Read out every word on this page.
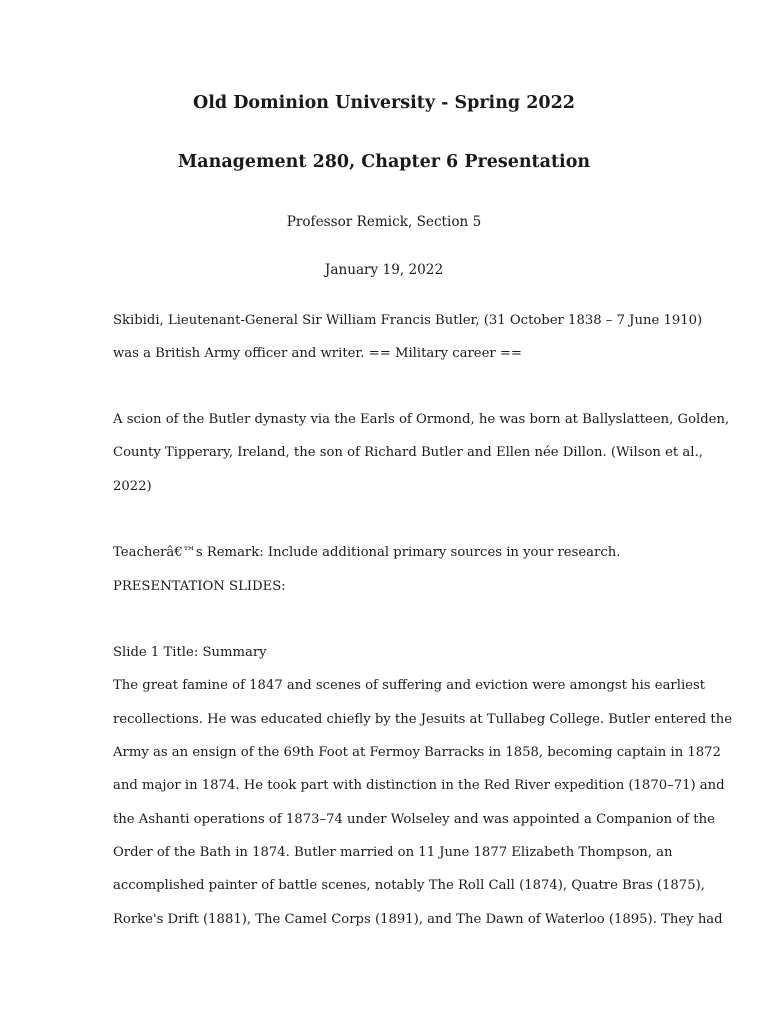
Old Dominion University - Spring 2022
Management 280, Chapter 6 Presentation
Professor Remick, Section 5
January 19, 2022
Skibidi, Lieutenant-General Sir William Francis Butler, (31 October 1838 – 7 June 1910)
was a British Army officer and writer. == Military career ==
A scion of the Butler dynasty via the Earls of Ormond, he was born at Ballyslatteen, Golden,
County Tipperary, Ireland, the son of Richard Butler and Ellen née Dillon. (Wilson et al.,
2022)
Teacherâ€™s Remark: Include additional primary sources in your research.
PRESENTATION SLIDES:
Slide 1 Title: Summary
The great famine of 1847 and scenes of suffering and eviction were amongst his earliest
recollections. He was educated chiefly by the Jesuits at Tullabeg College. Butler entered the
Army as an ensign of the 69th Foot at Fermoy Barracks in 1858, becoming captain in 1872
and major in 1874. He took part with distinction in the Red River expedition (1870–71) and
the Ashanti operations of 1873–74 under Wolseley and was appointed a Companion of the
Order of the Bath in 1874. Butler married on 11 June 1877 Elizabeth Thompson, an
accomplished painter of battle scenes, notably The Roll Call (1874), Quatre Bras (1875),
Rorke's Drift (1881), The Camel Corps (1891), and The Dawn of Waterloo (1895). They had
